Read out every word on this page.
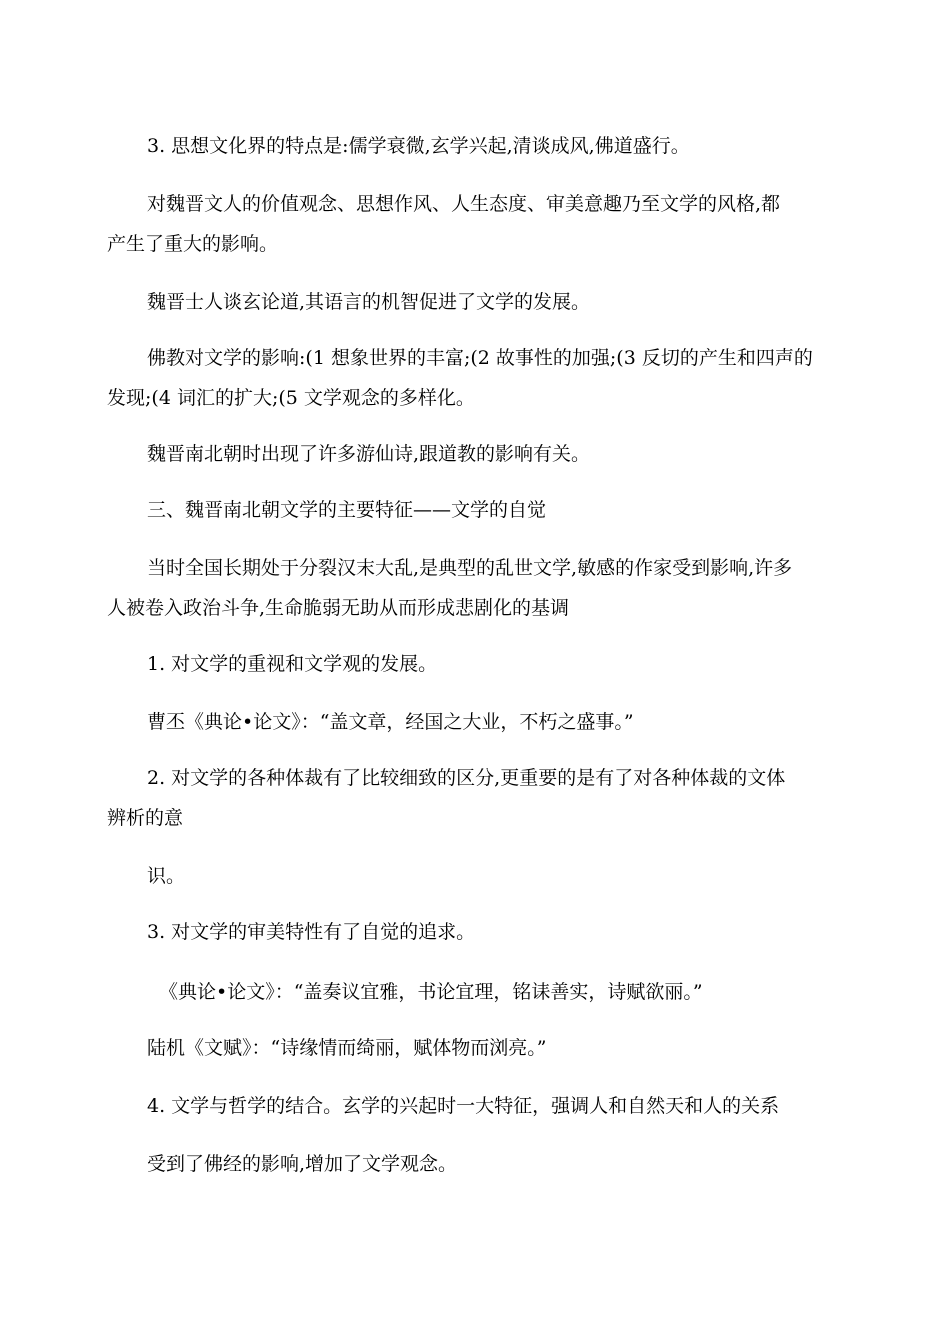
3. 思想文化界的特点是:儒学衰微,玄学兴起,清谈成风,佛道盛行。

对魏晋文人的价值观念、思想作风、人生态度、审美意趣乃至文学的风格,都
产生了重大的影响。

魏晋士人谈玄论道,其语言的机智促进了文学的发展。

佛教对文学的影响:(1 想象世界的丰富;(2 故事性的加强;(3 反切的产生和四声的
发现;(4 词汇的扩大;(5 文学观念的多样化。

魏晋南北朝时出现了许多游仙诗,跟道教的影响有关。

三、魏晋南北朝文学的主要特征——文学的自觉

当时全国长期处于分裂汉末大乱,是典型的乱世文学,敏感的作家受到影响,许多
人被卷入政治斗争,生命脆弱无助从而形成悲剧化的基调

1. 对文学的重视和文学观的发展。

曹丕《典论•论文》：“盖文章，经国之大业，不朽之盛事。”

2. 对文学的各种体裁有了比较细致的区分,更重要的是有了对各种体裁的文体
辨析的意

识。

3. 对文学的审美特性有了自觉的追求。

《典论•论文》：“盖奏议宜雅，书论宜理，铭诔善实，诗赋欲丽。”

陆机《文赋》：“诗缘情而绮丽，赋体物而浏亮。”

4. 文学与哲学的结合。玄学的兴起时一大特征，强调人和自然天和人的关系

受到了佛经的影响,增加了文学观念。
